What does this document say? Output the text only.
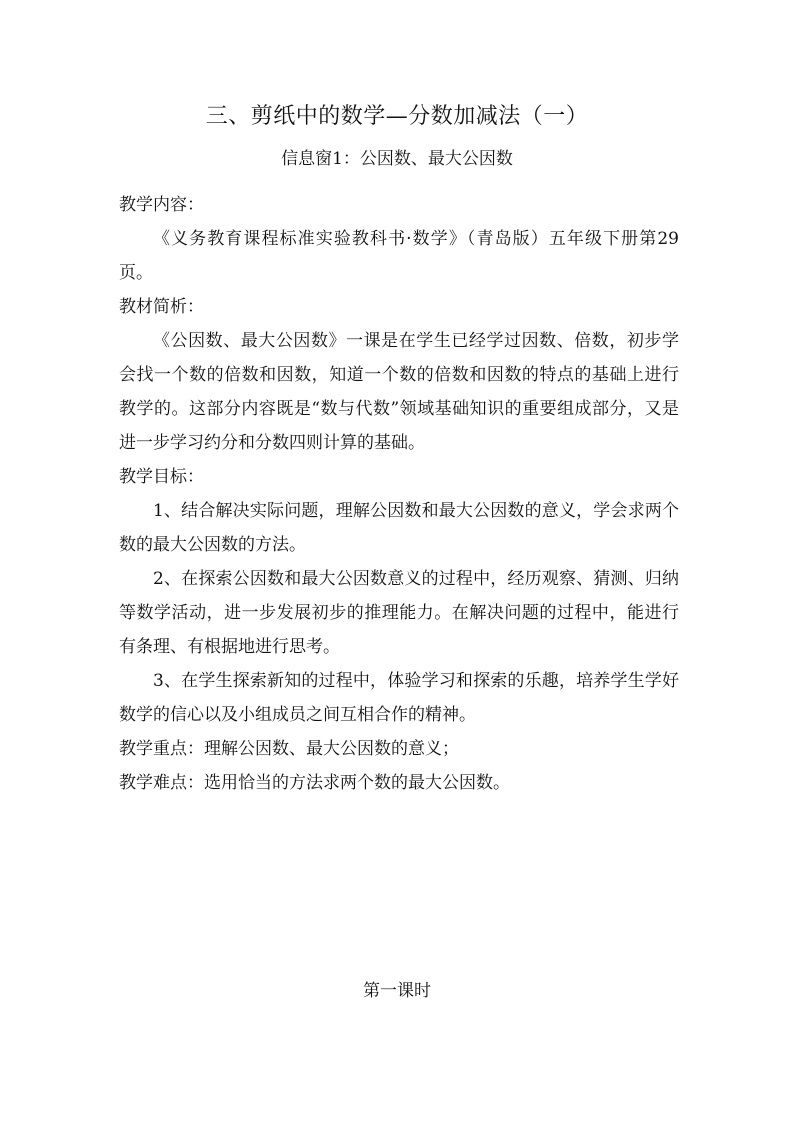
三、剪纸中的数学—分数加减法（一）
信息窗1：公因数、最大公因数

教学内容：

《义务教育课程标准实验教科书·数学》（青岛版）五年级下册第29页。

教材简析：

《公因数、最大公因数》一课是在学生已经学过因数、倍数，初步学会找一个数的倍数和因数，知道一个数的倍数和因数的特点的基础上进行教学的。这部分内容既是“数与代数”领域基础知识的重要组成部分，又是进一步学习约分和分数四则计算的基础。

教学目标：

1、结合解决实际问题，理解公因数和最大公因数的意义，学会求两个数的最大公因数的方法。

2、在探索公因数和最大公因数意义的过程中，经历观察、猜测、归纳等数学活动，进一步发展初步的推理能力。在解决问题的过程中，能进行有条理、有根据地进行思考。

3、在学生探索新知的过程中，体验学习和探索的乐趣，培养学生学好数学的信心以及小组成员之间互相合作的精神。

教学重点：理解公因数、最大公因数的意义；

教学难点：选用恰当的方法求两个数的最大公因数。

第一课时
